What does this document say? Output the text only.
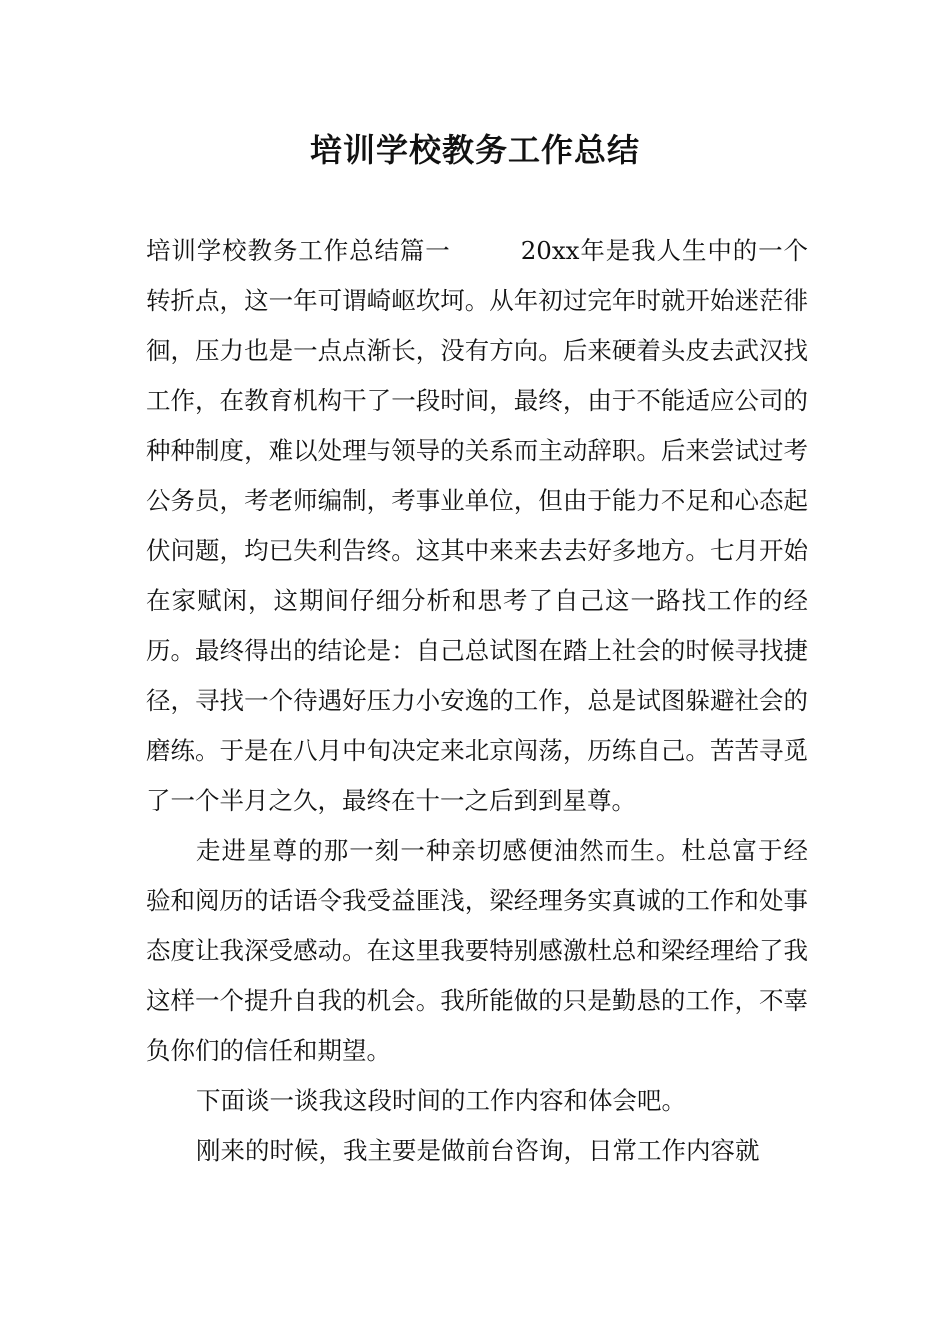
培训学校教务工作总结

培训学校教务工作总结篇一	20xx年是我人生中的一个转折点，这一年可谓崎岖坎坷。从年初过完年时就开始迷茫徘徊，压力也是一点点渐长，没有方向。后来硬着头皮去武汉找工作，在教育机构干了一段时间，最终，由于不能适应公司的种种制度，难以处理与领导的关系而主动辞职。后来尝试过考公务员，考老师编制，考事业单位，但由于能力不足和心态起伏问题，均已失利告终。这其中来来去去好多地方。七月开始在家赋闲，这期间仔细分析和思考了自己这一路找工作的经历。最终得出的结论是：自己总试图在踏上社会的时候寻找捷径，寻找一个待遇好压力小安逸的工作，总是试图躲避社会的磨练。于是在八月中旬决定来北京闯荡，历练自己。苦苦寻觅了一个半月之久，最终在十一之后到到星尊。

走进星尊的那一刻一种亲切感便油然而生。杜总富于经验和阅历的话语令我受益匪浅，梁经理务实真诚的工作和处事态度让我深受感动。在这里我要特别感激杜总和梁经理给了我这样一个提升自我的机会。我所能做的只是勤恳的工作，不辜负你们的信任和期望。

下面谈一谈我这段时间的工作内容和体会吧。

刚来的时候，我主要是做前台咨询，日常工作内容就
